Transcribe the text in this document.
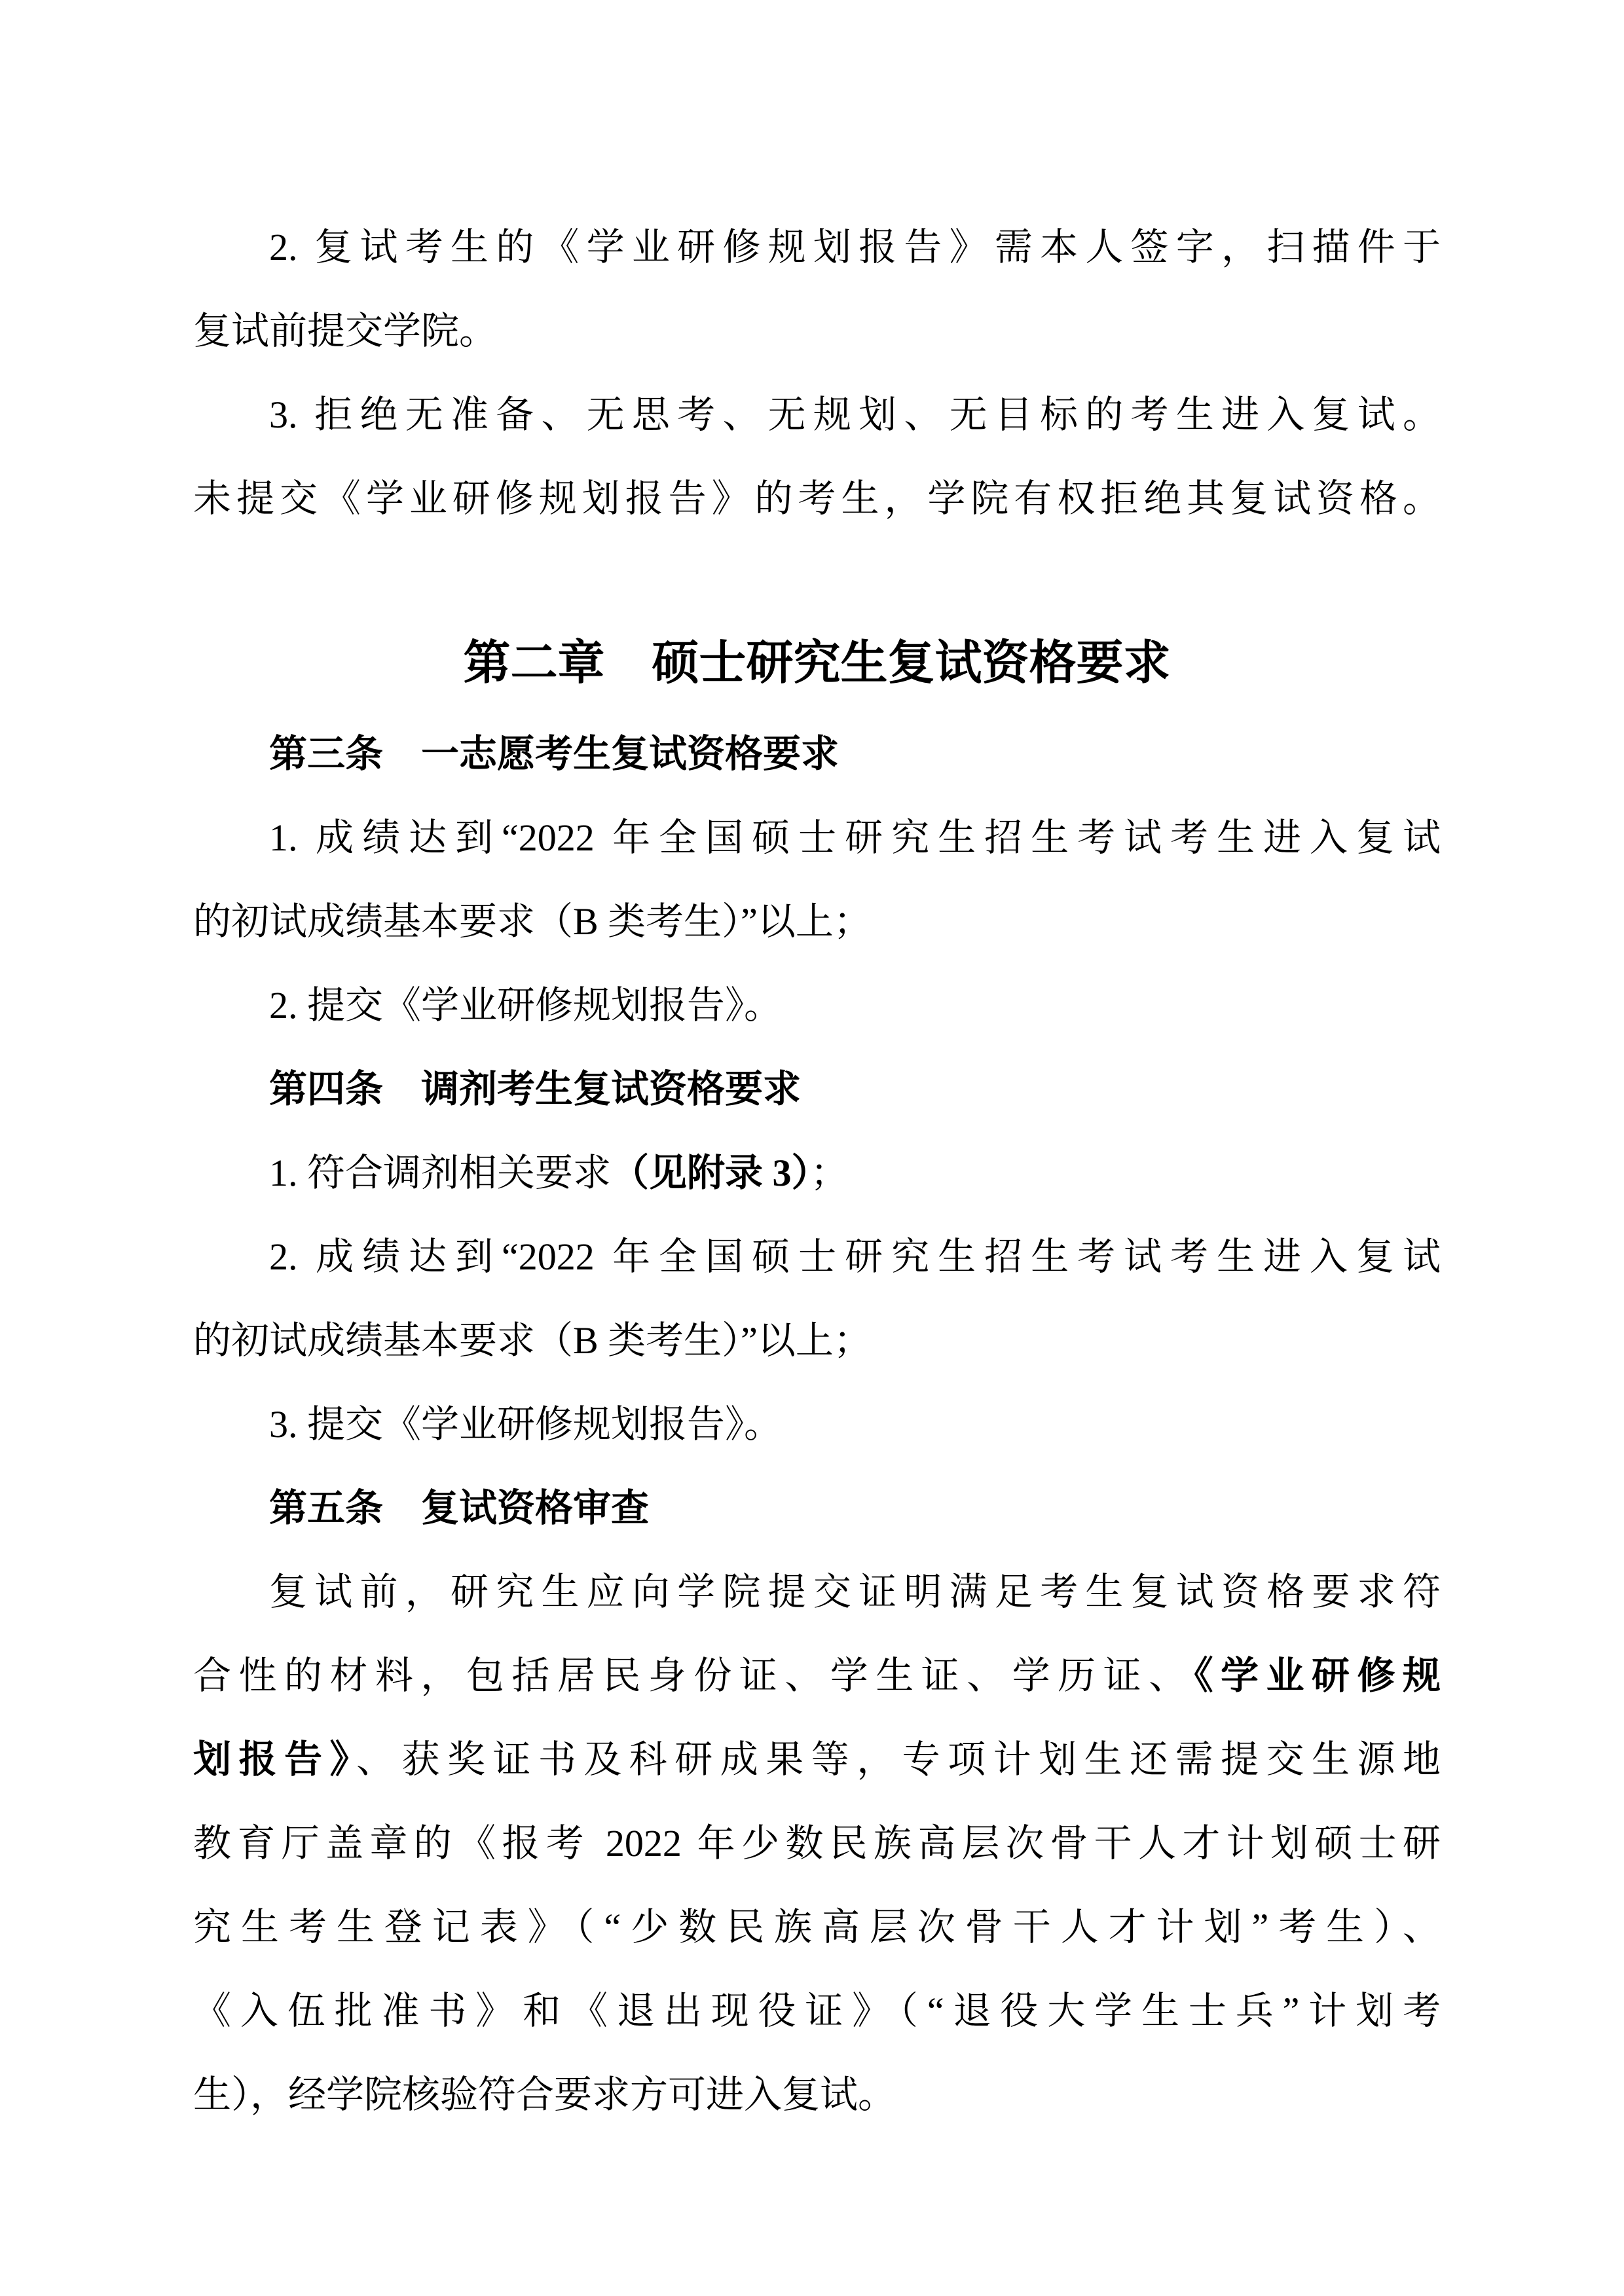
2. 复试考生的《学业研修规划报告》需本人签字，扫描件于
复试前提交学院。
3. 拒绝无准备、无思考、无规划、无目标的考生进入复试。
未提交《学业研修规划报告》的考生，学院有权拒绝其复试资格。
第二章　硕士研究生复试资格要求
第三条　一志愿考生复试资格要求
1. 成绩达到“2022 年全国硕士研究生招生考试考生进入复试
的初试成绩基本要求（B 类考生）”以上；
2. 提交《学业研修规划报告》。
第四条　调剂考生复试资格要求
1. 符合调剂相关要求（见附录 3）；
2. 成绩达到“2022 年全国硕士研究生招生考试考生进入复试
的初试成绩基本要求（B 类考生）”以上；
3. 提交《学业研修规划报告》。
第五条　复试资格审查
复试前，研究生应向学院提交证明满足考生复试资格要求符
合性的材料，包括居民身份证、学生证、学历证、《学业研修规
划报告》、获奖证书及科研成果等，专项计划生还需提交生源地
教育厅盖章的《报考 2022 年少数民族高层次骨干人才计划硕士研
究生考生登记表》（“少数民族高层次骨干人才计划”考生）、
《入伍批准书》和《退出现役证》（“退役大学生士兵”计划考
生），经学院核验符合要求方可进入复试。
